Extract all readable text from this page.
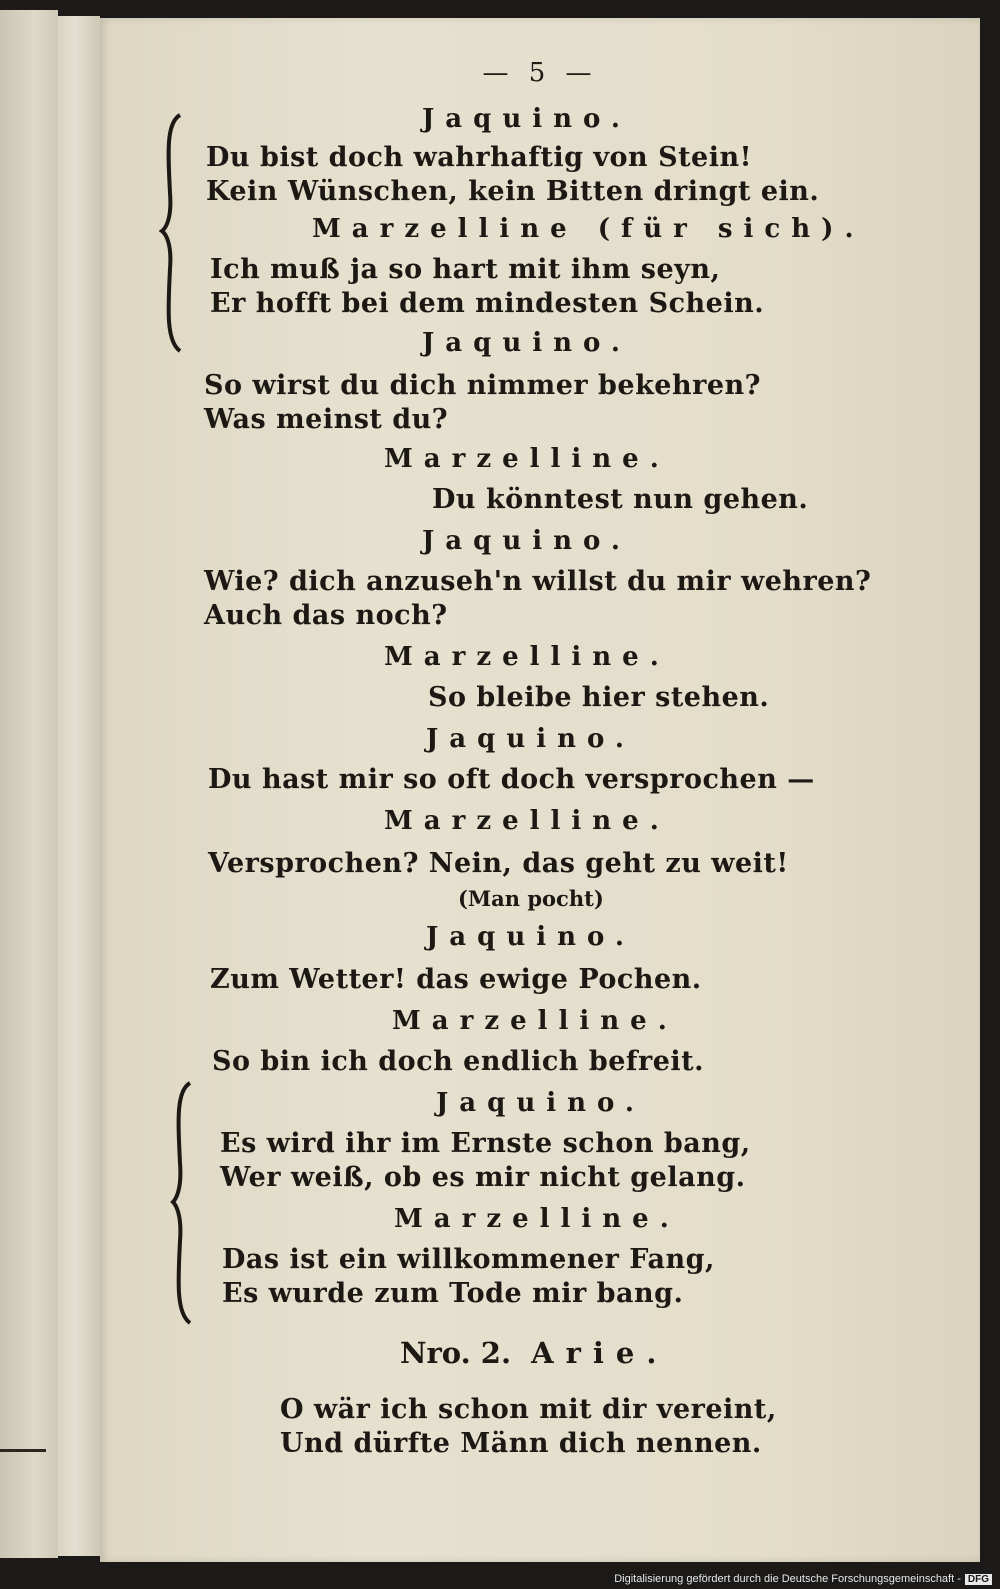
— 5 —
Jaquino.
Du bist doch wahrhaftig von Stein!
Kein Wünschen, kein Bitten dringt ein.
Marzelline (für sich).
Ich muß ja so hart mit ihm seyn,
Er hofft bei dem mindesten Schein.
Jaquino.
So wirst du dich nimmer bekehren?
Was meinst du?
Marzelline.
Du könntest nun gehen.
Jaquino.
Wie? dich anzuseh'n willst du mir wehren?
Auch das noch?
Marzelline.
So bleibe hier stehen.
Jaquino.
Du hast mir so oft doch versprochen —
Marzelline.
Versprochen? Nein, das geht zu weit!
(Man pocht)
Jaquino.
Zum Wetter! das ewige Pochen.
Marzelline.
So bin ich doch endlich befreit.
Jaquino.
Es wird ihr im Ernste schon bang,
Wer weiß, ob es mir nicht gelang.
Marzelline.
Das ist ein willkommener Fang,
Es wurde zum Tode mir bang.
Nro. 2. Arie.
O wär ich schon mit dir vereint,
Und dürfte Männ dich nennen.
Digitalisierung gefördert durch die Deutsche Forschungsgemeinschaft - DFG
